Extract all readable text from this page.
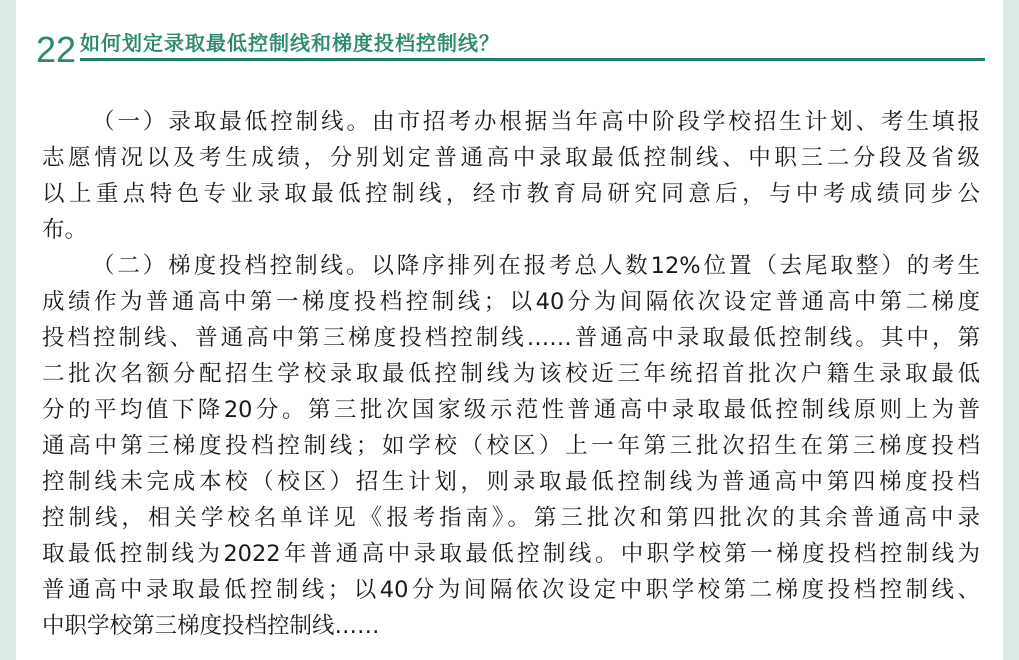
22 如何划定录取最低控制线和梯度投档控制线？
（一）录取最低控制线。由市招考办根据当年高中阶段学校招生计划、考生填报
志愿情况以及考生成绩，分别划定普通高中录取最低控制线、中职三二分段及省级
以上重点特色专业录取最低控制线，经市教育局研究同意后，与中考成绩同步公
布。
（二）梯度投档控制线。以降序排列在报考总人数12%位置（去尾取整）的考生
成绩作为普通高中第一梯度投档控制线；以40分为间隔依次设定普通高中第二梯度
投档控制线、普通高中第三梯度投档控制线……普通高中录取最低控制线。其中，第
二批次名额分配招生学校录取最低控制线为该校近三年统招首批次户籍生录取最低
分的平均值下降20分。第三批次国家级示范性普通高中录取最低控制线原则上为普
通高中第三梯度投档控制线；如学校（校区）上一年第三批次招生在第三梯度投档
控制线未完成本校（校区）招生计划，则录取最低控制线为普通高中第四梯度投档
控制线，相关学校名单详见《报考指南》。第三批次和第四批次的其余普通高中录
取最低控制线为2022年普通高中录取最低控制线。中职学校第一梯度投档控制线为
普通高中录取最低控制线；以40分为间隔依次设定中职学校第二梯度投档控制线、
中职学校第三梯度投档控制线……
